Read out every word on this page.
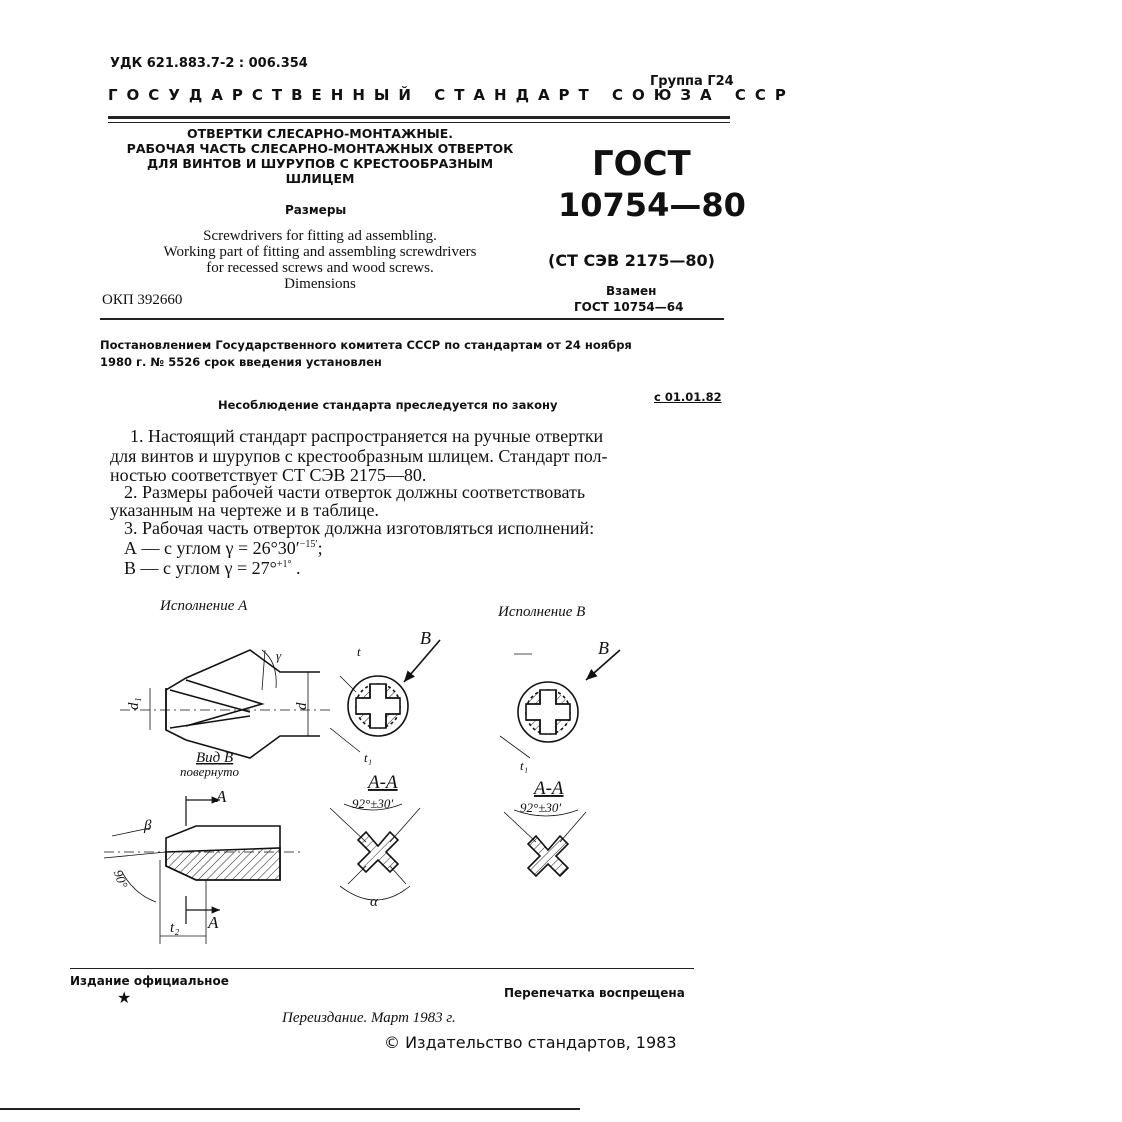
УДК 621.883.7-2 : 006.354
Группа Г24
ГОСУДАРСТВЕННЫЙ СТАНДАРТ СОЮЗА ССР
ОТВЕРТКИ СЛЕСАРНО-МОНТАЖНЫЕ.
РАБОЧАЯ ЧАСТЬ СЛЕСАРНО-МОНТАЖНЫХ ОТВЕРТОК
ДЛЯ ВИНТОВ И ШУРУПОВ С КРЕСТООБРАЗНЫМ
ШЛИЦЕМ
Размеры
Screwdrivers for fitting ad assembling.
Working part of fitting and assembling screwdrivers
for recessed screws and wood screws.
Dimensions
ОКП 392660
ГОСТ
10754—80
(СТ СЭВ 2175—80)
Взамен
ГОСТ 10754—64
Постановлением Государственного комитета СССР по стандартам от 24 ноября
1980 г. № 5526 срок введения установлен
с 01.01.82
Несоблюдение стандарта преследуется по закону
1. Настоящий стандарт распространяется на ручные отвертки
для винтов и шурупов с крестообразным шлицем. Стандарт пол-
ностью соответствует СТ СЭВ 2175—80.
2. Размеры рабочей части отверток должны соответствовать
указанным на чертеже и в таблице.
3. Рабочая часть отверток должна изготовляться исполнений:
А — с углом $\gamma = 26^\circ 30'^{-15'}$;
В — с углом γ = 27°$^{+1^\circ}$ .
Исполнение А	Исполнение В
d₁	d
γ
В
t
t₁
В
t₁
Вид В
повернуто
А
А
β
90°
t₂
А-А
92°±30′
α
А-А
92°±30′
Издание официальное
★	Перепечатка воспрещена
Переиздание. Март 1983 г.
© Издательство стандартов, 1983
